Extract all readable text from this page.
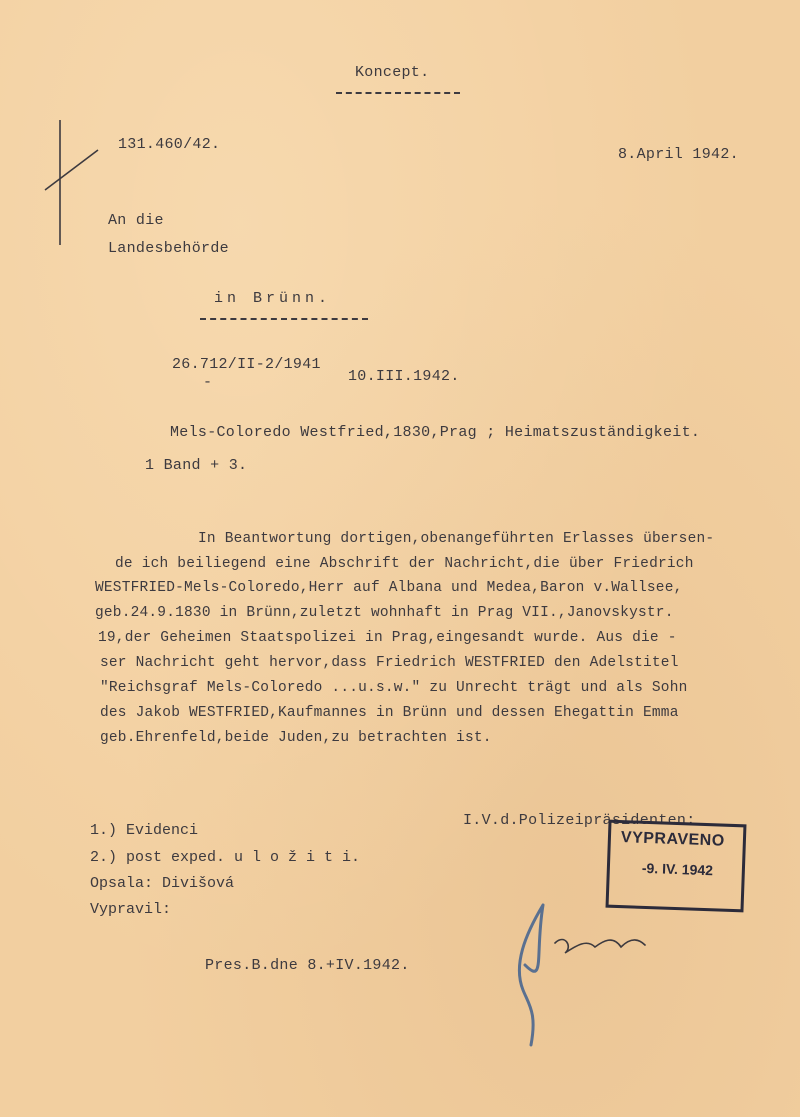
Koncept.
131.460/42.
8.April 1942.
An die
Landesbehörde
in Brünn.
26.712/II-2/1941
10.III.1942.
-
Mels-Colored​o Westfried,1830,Prag ; Heimatszuständigkeit.
1 Band + 3.
In Beantwortung dortigen,obenangeführten Erlasses übersen-
de ich beiliegend eine Abschrift der Nachricht,die über Friedrich
WESTFRIED-Mels-Colored​o,Herr auf Albana und Medea,Baron v.Wallsee,
geb.24.9.1830 in Brünn,zuletzt wohnhaft in Prag VII.,Janovskystr.
19,der Geheimen Staatspolizei in Prag,eingesandt wurde. Aus die -
ser Nachricht geht hervor,dass Friedrich WESTFRIED den Adelstitel
"Reichsgraf Mels-Colored​o ...u.s.w." zu Unrecht trägt und als Sohn
des Jakob WESTFRIED,Kaufmannes in Brünn und dessen Ehegattin Emma
geb.Ehrenfeld,beide Juden,zu betrachten ist.
I.V.d.Polizeipräsidenten:
1.) Evidenci
2.) post exped. u l o ž i t i.
Opsala: Divišová
Vypravil:
VYPRAVENO
-9. IV. 1942
Pres.B.dne 8.+IV.1942.
